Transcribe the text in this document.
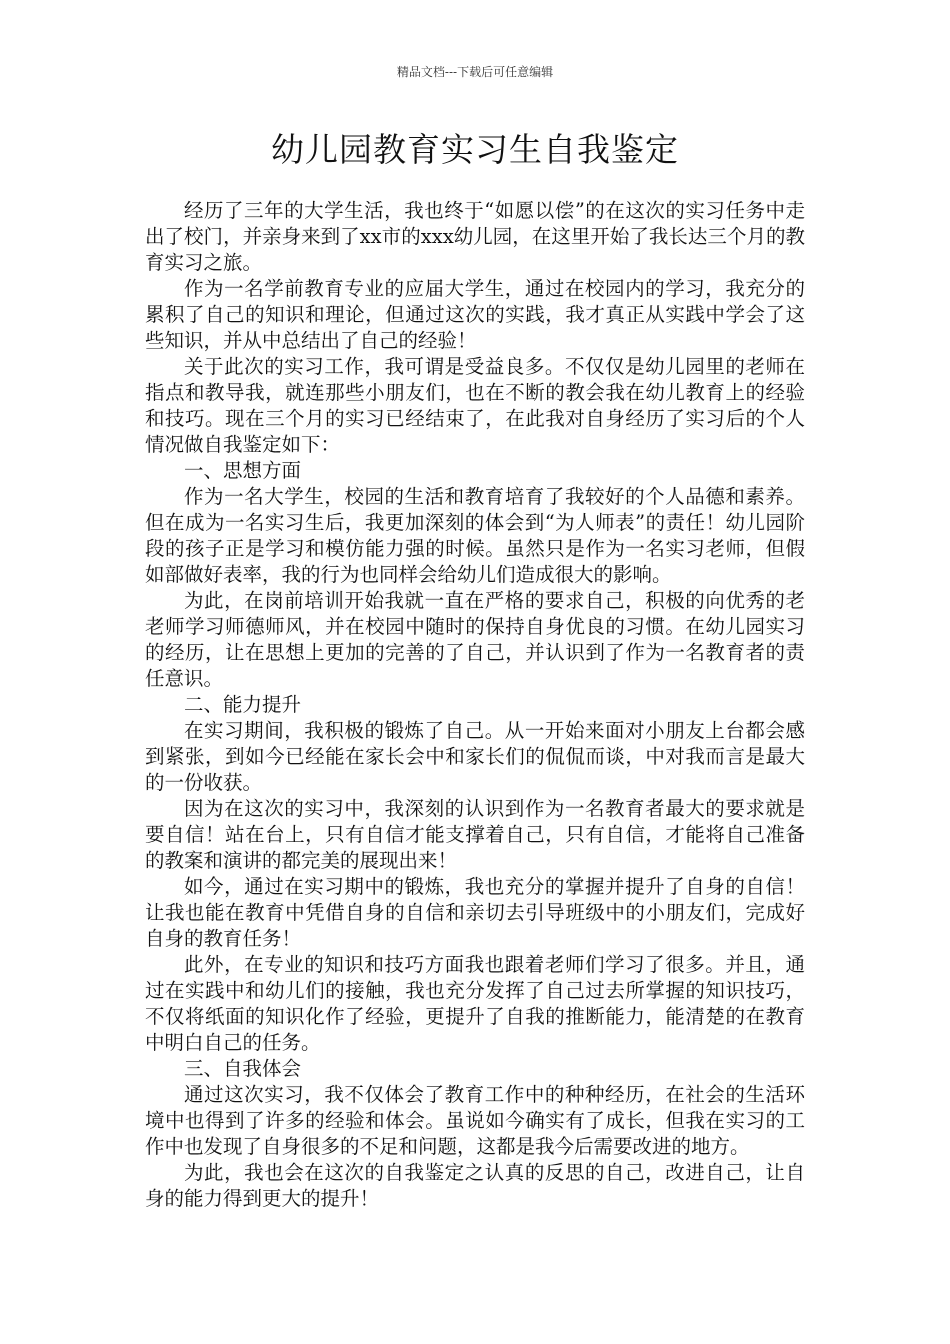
精品文档---下载后可任意编辑
幼儿园教育实习生自我鉴定

经历了三年的大学生活，我也终于“如愿以偿”的在这次的实习任务中走出了校门，并亲身来到了xx市的xxx幼儿园，在这里开始了我长达三个月的教育实习之旅。

作为一名学前教育专业的应届大学生，通过在校园内的学习，我充分的累积了自己的知识和理论，但通过这次的实践，我才真正从实践中学会了这些知识，并从中总结出了自己的经验！

关于此次的实习工作，我可谓是受益良多。不仅仅是幼儿园里的老师在指点和教导我，就连那些小朋友们，也在不断的教会我在幼儿教育上的经验和技巧。现在三个月的实习已经结束了，在此我对自身经历了实习后的个人情况做自我鉴定如下：

一、思想方面

作为一名大学生，校园的生活和教育培育了我较好的个人品德和素养。但在成为一名实习生后，我更加深刻的体会到“为人师表”的责任！幼儿园阶段的孩子正是学习和模仿能力强的时候。虽然只是作为一名实习老师，但假如部做好表率，我的行为也同样会给幼儿们造成很大的影响。

为此，在岗前培训开始我就一直在严格的要求自己，积极的向优秀的老老师学习师德师风，并在校园中随时的保持自身优良的习惯。在幼儿园实习的经历，让在思想上更加的完善的了自己，并认识到了作为一名教育者的责任意识。

二、能力提升

在实习期间，我积极的锻炼了自己。从一开始来面对小朋友上台都会感到紧张，到如今已经能在家长会中和家长们的侃侃而谈，中对我而言是最大的一份收获。

因为在这次的实习中，我深刻的认识到作为一名教育者最大的要求就是要自信！站在台上，只有自信才能支撑着自己，只有自信，才能将自己准备的教案和演讲的都完美的展现出来！

如今，通过在实习期中的锻炼，我也充分的掌握并提升了自身的自信！让我也能在教育中凭借自身的自信和亲切去引导班级中的小朋友们，完成好自身的教育任务！

此外，在专业的知识和技巧方面我也跟着老师们学习了很多。并且，通过在实践中和幼儿们的接触，我也充分发挥了自己过去所掌握的知识技巧，不仅将纸面的知识化作了经验，更提升了自我的推断能力，能清楚的在教育中明白自己的任务。

三、自我体会

通过这次实习，我不仅体会了教育工作中的种种经历，在社会的生活环境中也得到了许多的经验和体会。虽说如今确实有了成长，但我在实习的工作中也发现了自身很多的不足和问题，这都是我今后需要改进的地方。

为此，我也会在这次的自我鉴定之认真的反思的自己，改进自己，让自身的能力得到更大的提升！
